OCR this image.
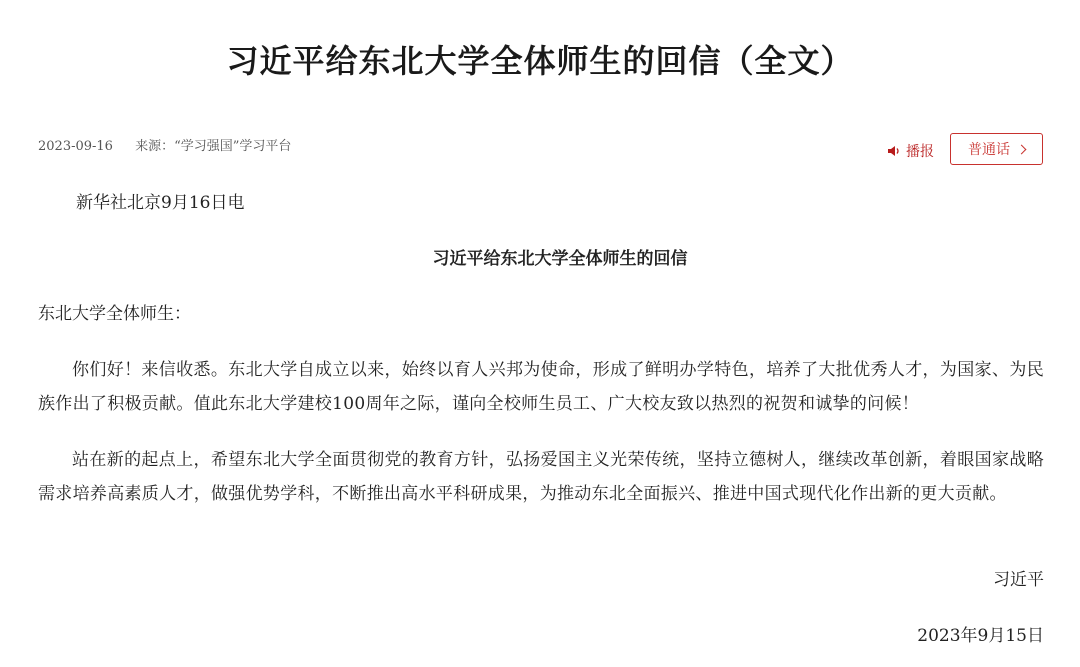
习近平给东北大学全体师生的回信（全文）
2023-09-16 来源：“学习强国”学习平台	播报 普通话

新华社北京9月16日电

习近平给东北大学全体师生的回信

东北大学全体师生：

你们好！来信收悉。东北大学自成立以来，始终以育人兴邦为使命，形成了鲜明办学特色，培养了大批优秀人才，为国家、为民族作出了积极贡献。值此东北大学建校100周年之际，谨向全校师生员工、广大校友致以热烈的祝贺和诚挚的问候！

站在新的起点上，希望东北大学全面贯彻党的教育方针，弘扬爱国主义光荣传统，坚持立德树人，继续改革创新，着眼国家战略需求培养高素质人才，做强优势学科，不断推出高水平科研成果，为推动东北全面振兴、推进中国式现代化作出新的更大贡献。

习近平

2023年9月15日
